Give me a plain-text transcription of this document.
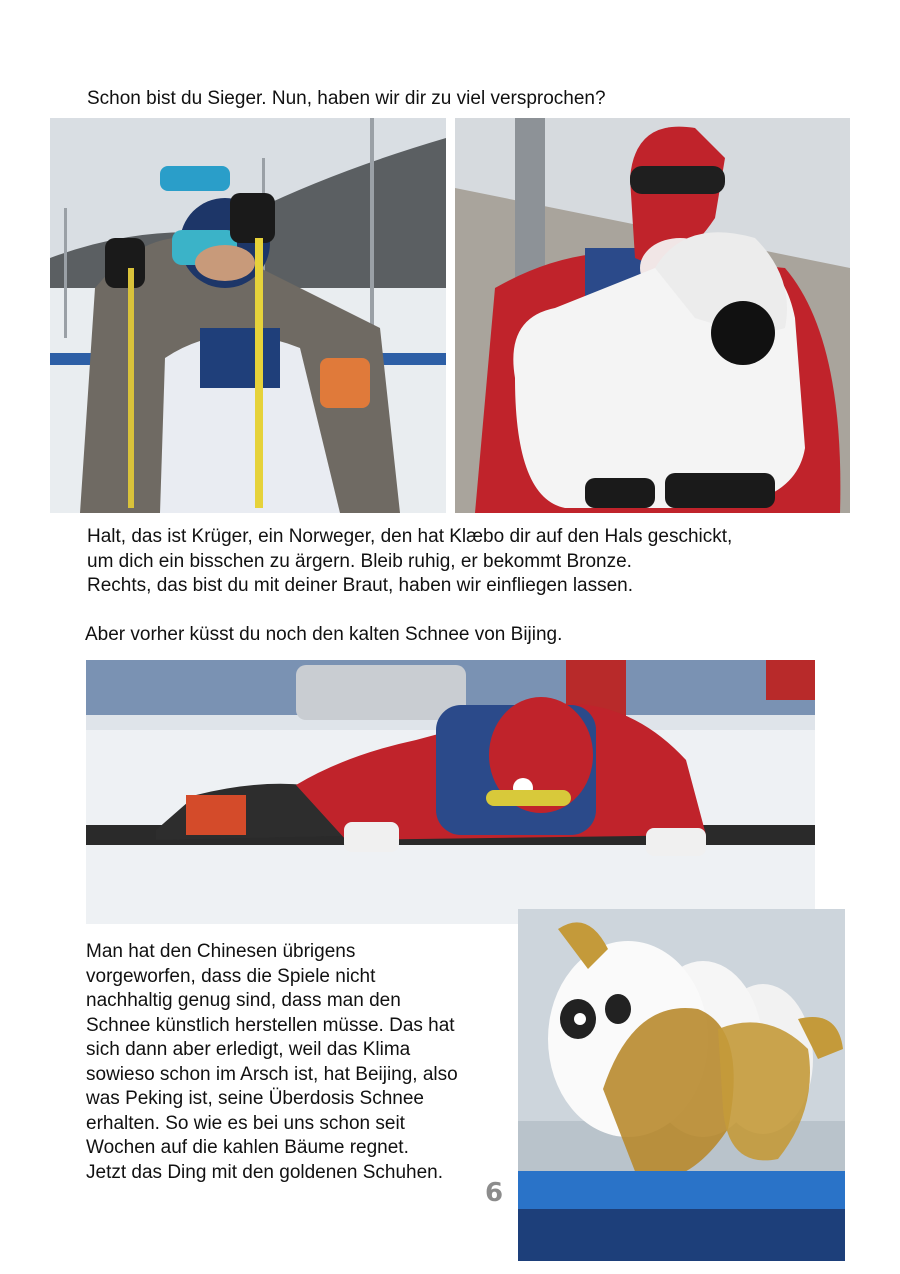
Schon bist du Sieger. Nun, haben wir dir zu viel versprochen?

Halt, das ist Krüger, ein Norweger, den hat Klæbo dir auf den Hals geschickt,
um dich ein bisschen zu ärgern. Bleib ruhig, er bekommt Bronze.
Rechts, das bist du mit deiner Braut, haben wir einfliegen lassen.

Aber vorher küsst du noch den kalten Schnee von Bijing.

Man hat den Chinesen übrigens
vorgeworfen, dass die Spiele nicht
nachhaltig genug sind, dass man den
Schnee künstlich herstellen müsse. Das hat
sich dann aber erledigt, weil das Klima
sowieso schon im Arsch ist, hat Beijing, also
was Peking ist, seine Überdosis Schnee
erhalten. So wie es bei uns schon seit
Wochen auf die kahlen Bäume regnet.
Jetzt das Ding mit den goldenen Schuhen.

6
